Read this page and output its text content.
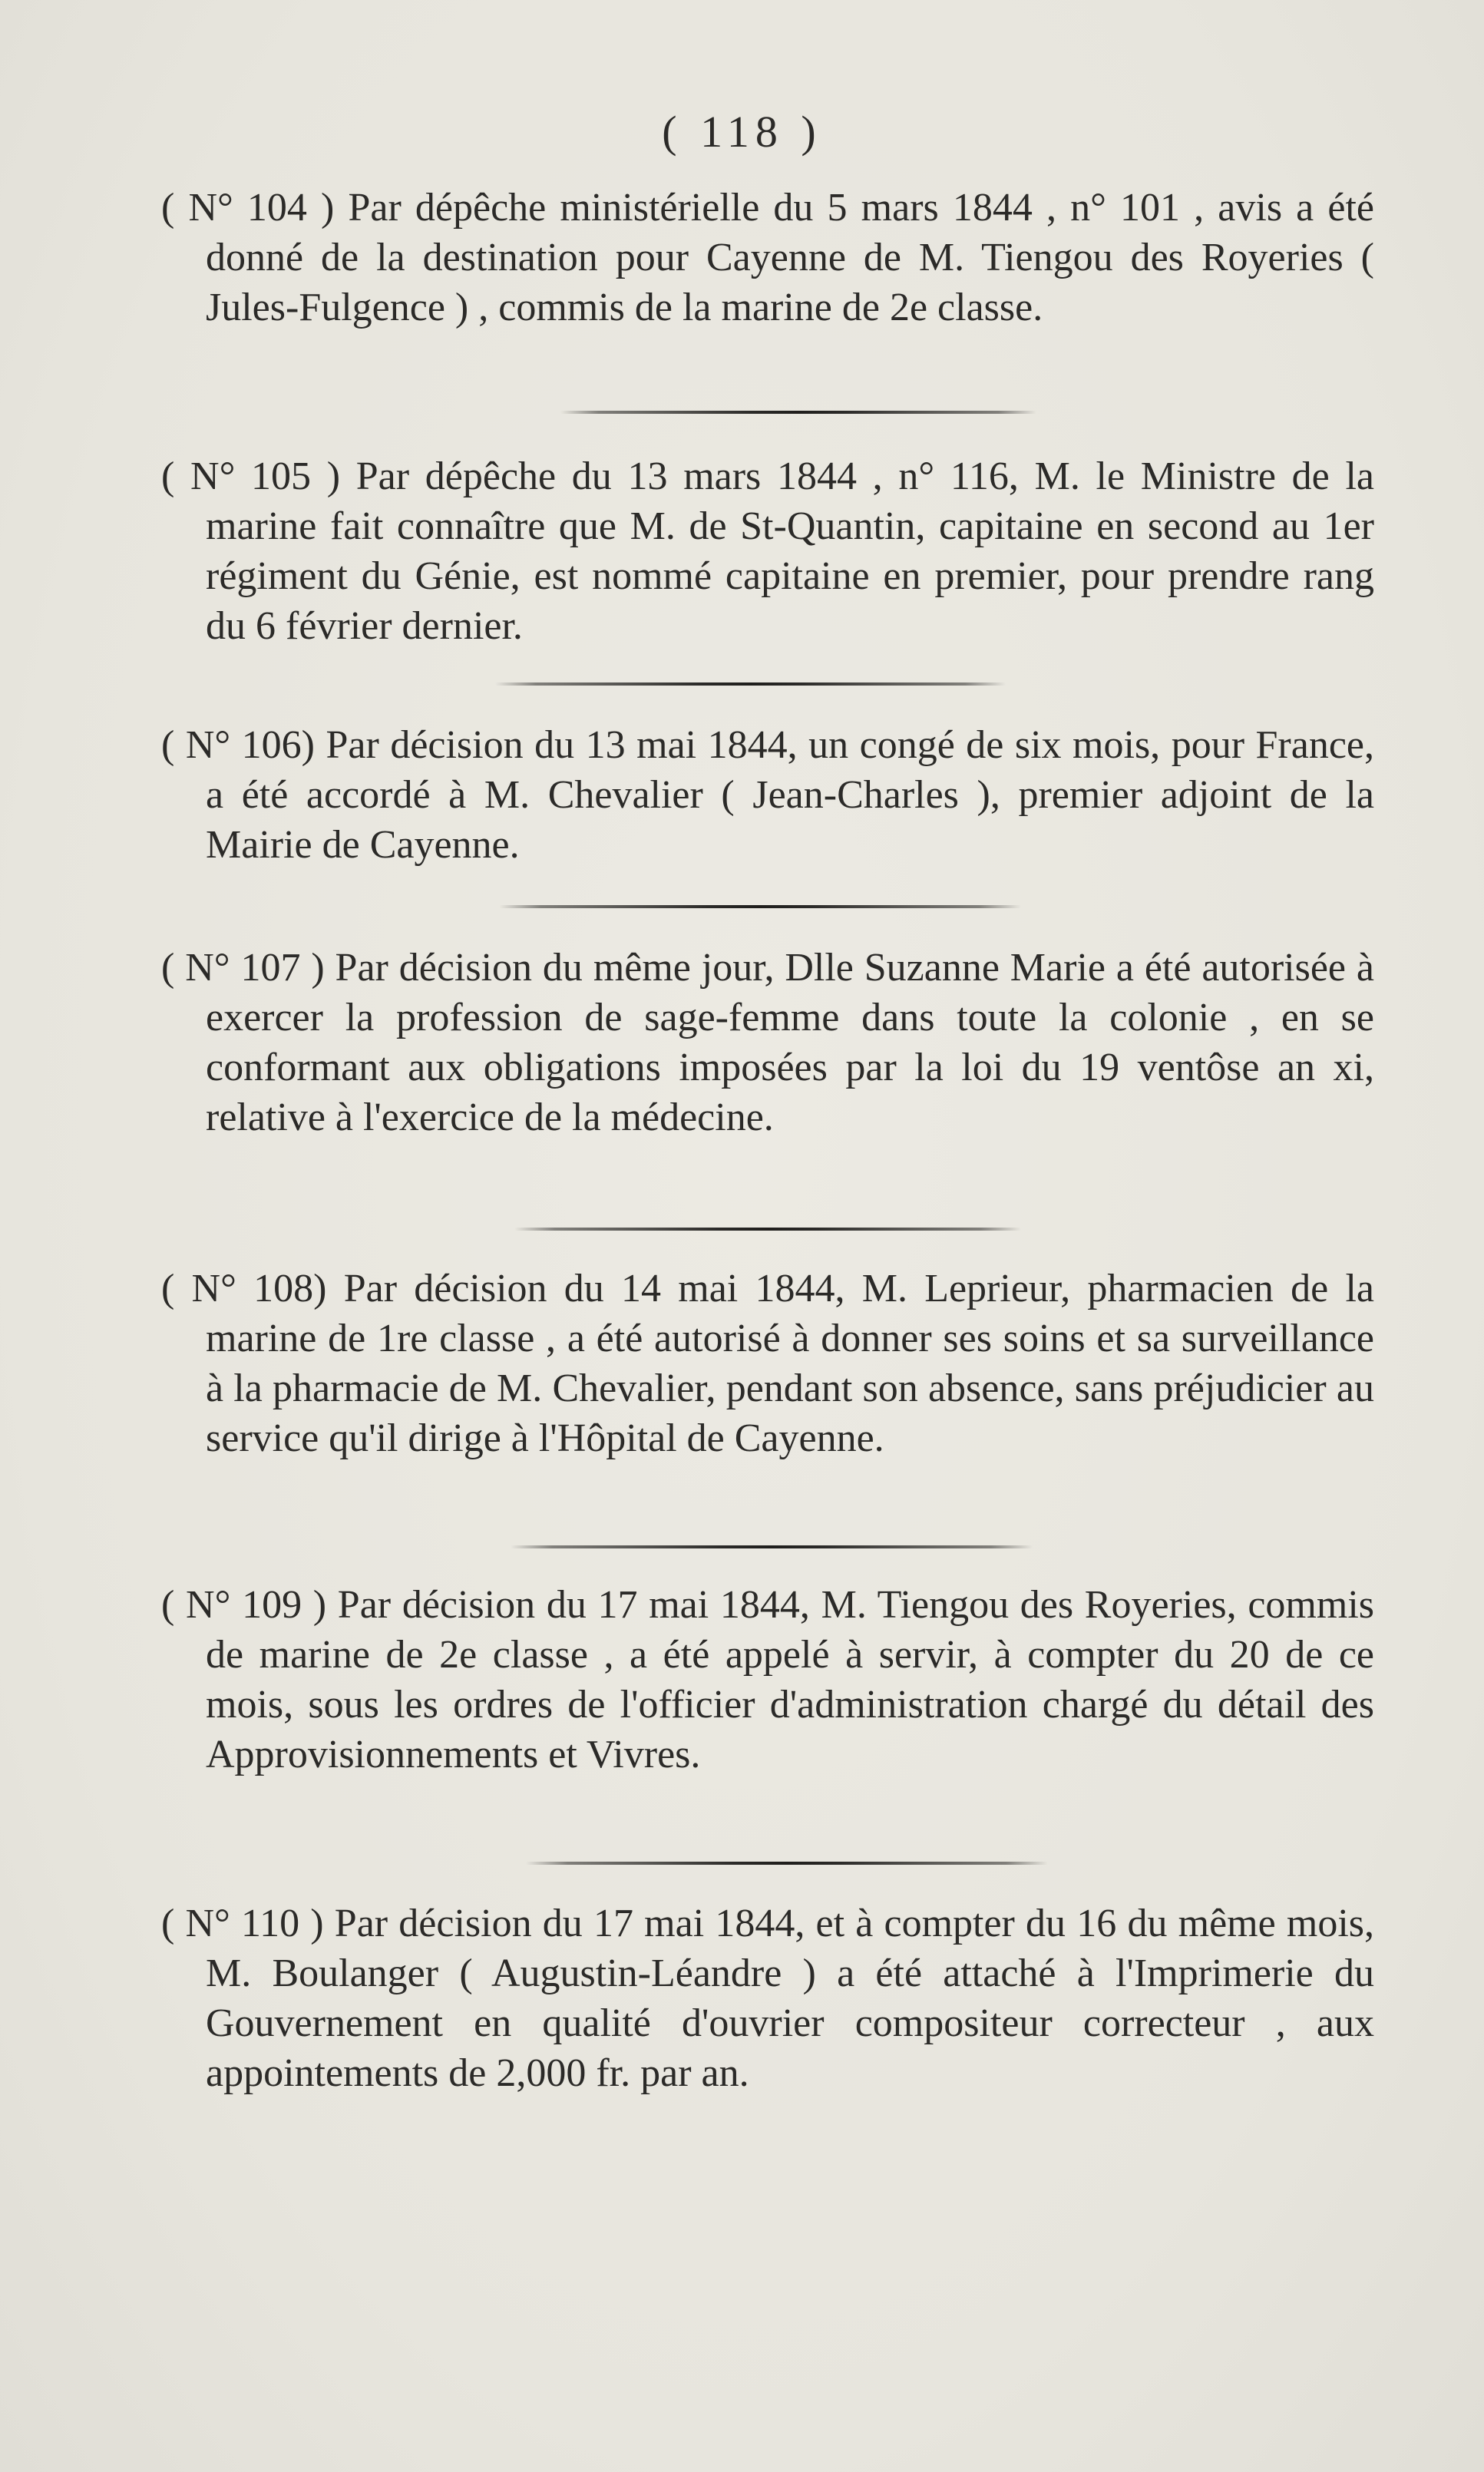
( 118 )

( N° 104 ) Par dépêche ministérielle du 5 mars 1844 , n° 101 , avis a été donné de la destination pour Cayenne de M. Tiengou des Royeries ( Jules-Fulgence ) , commis de la marine de 2e classe.

( N° 105 ) Par dépêche du 13 mars 1844 , n° 116, M. le Ministre de la marine fait connaître que M. de St-Quantin, capitaine en second au 1er régiment du Génie, est nommé capitaine en premier, pour prendre rang du 6 février dernier.

( N° 106) Par décision du 13 mai 1844, un congé de six mois, pour France, a été accordé à M. Chevalier ( Jean-Charles ), premier adjoint de la Mairie de Cayenne.

( N° 107 ) Par décision du même jour, Dlle Suzanne Marie a été autorisée à exercer la profession de sage-femme dans toute la colonie , en se conformant aux obligations imposées par la loi du 19 ventôse an xi, relative à l'exercice de la médecine.

( N° 108) Par décision du 14 mai 1844, M. Leprieur, pharmacien de la marine de 1re classe , a été autorisé à donner ses soins et sa surveillance à la pharmacie de M. Chevalier, pendant son absence, sans préjudicier au service qu'il dirige à l'Hôpital de Cayenne.

( N° 109 ) Par décision du 17 mai 1844, M. Tiengou des Royeries, commis de marine de 2e classe , a été appelé à servir, à compter du 20 de ce mois, sous les ordres de l'officier d'administration chargé du détail des Approvisionnements et Vivres.

( N° 110 ) Par décision du 17 mai 1844, et à compter du 16 du même mois, M. Boulanger ( Augustin-Léandre ) a été attaché à l'Imprimerie du Gouvernement en qualité d'ouvrier compositeur correcteur , aux appointements de 2,000 fr. par an.
